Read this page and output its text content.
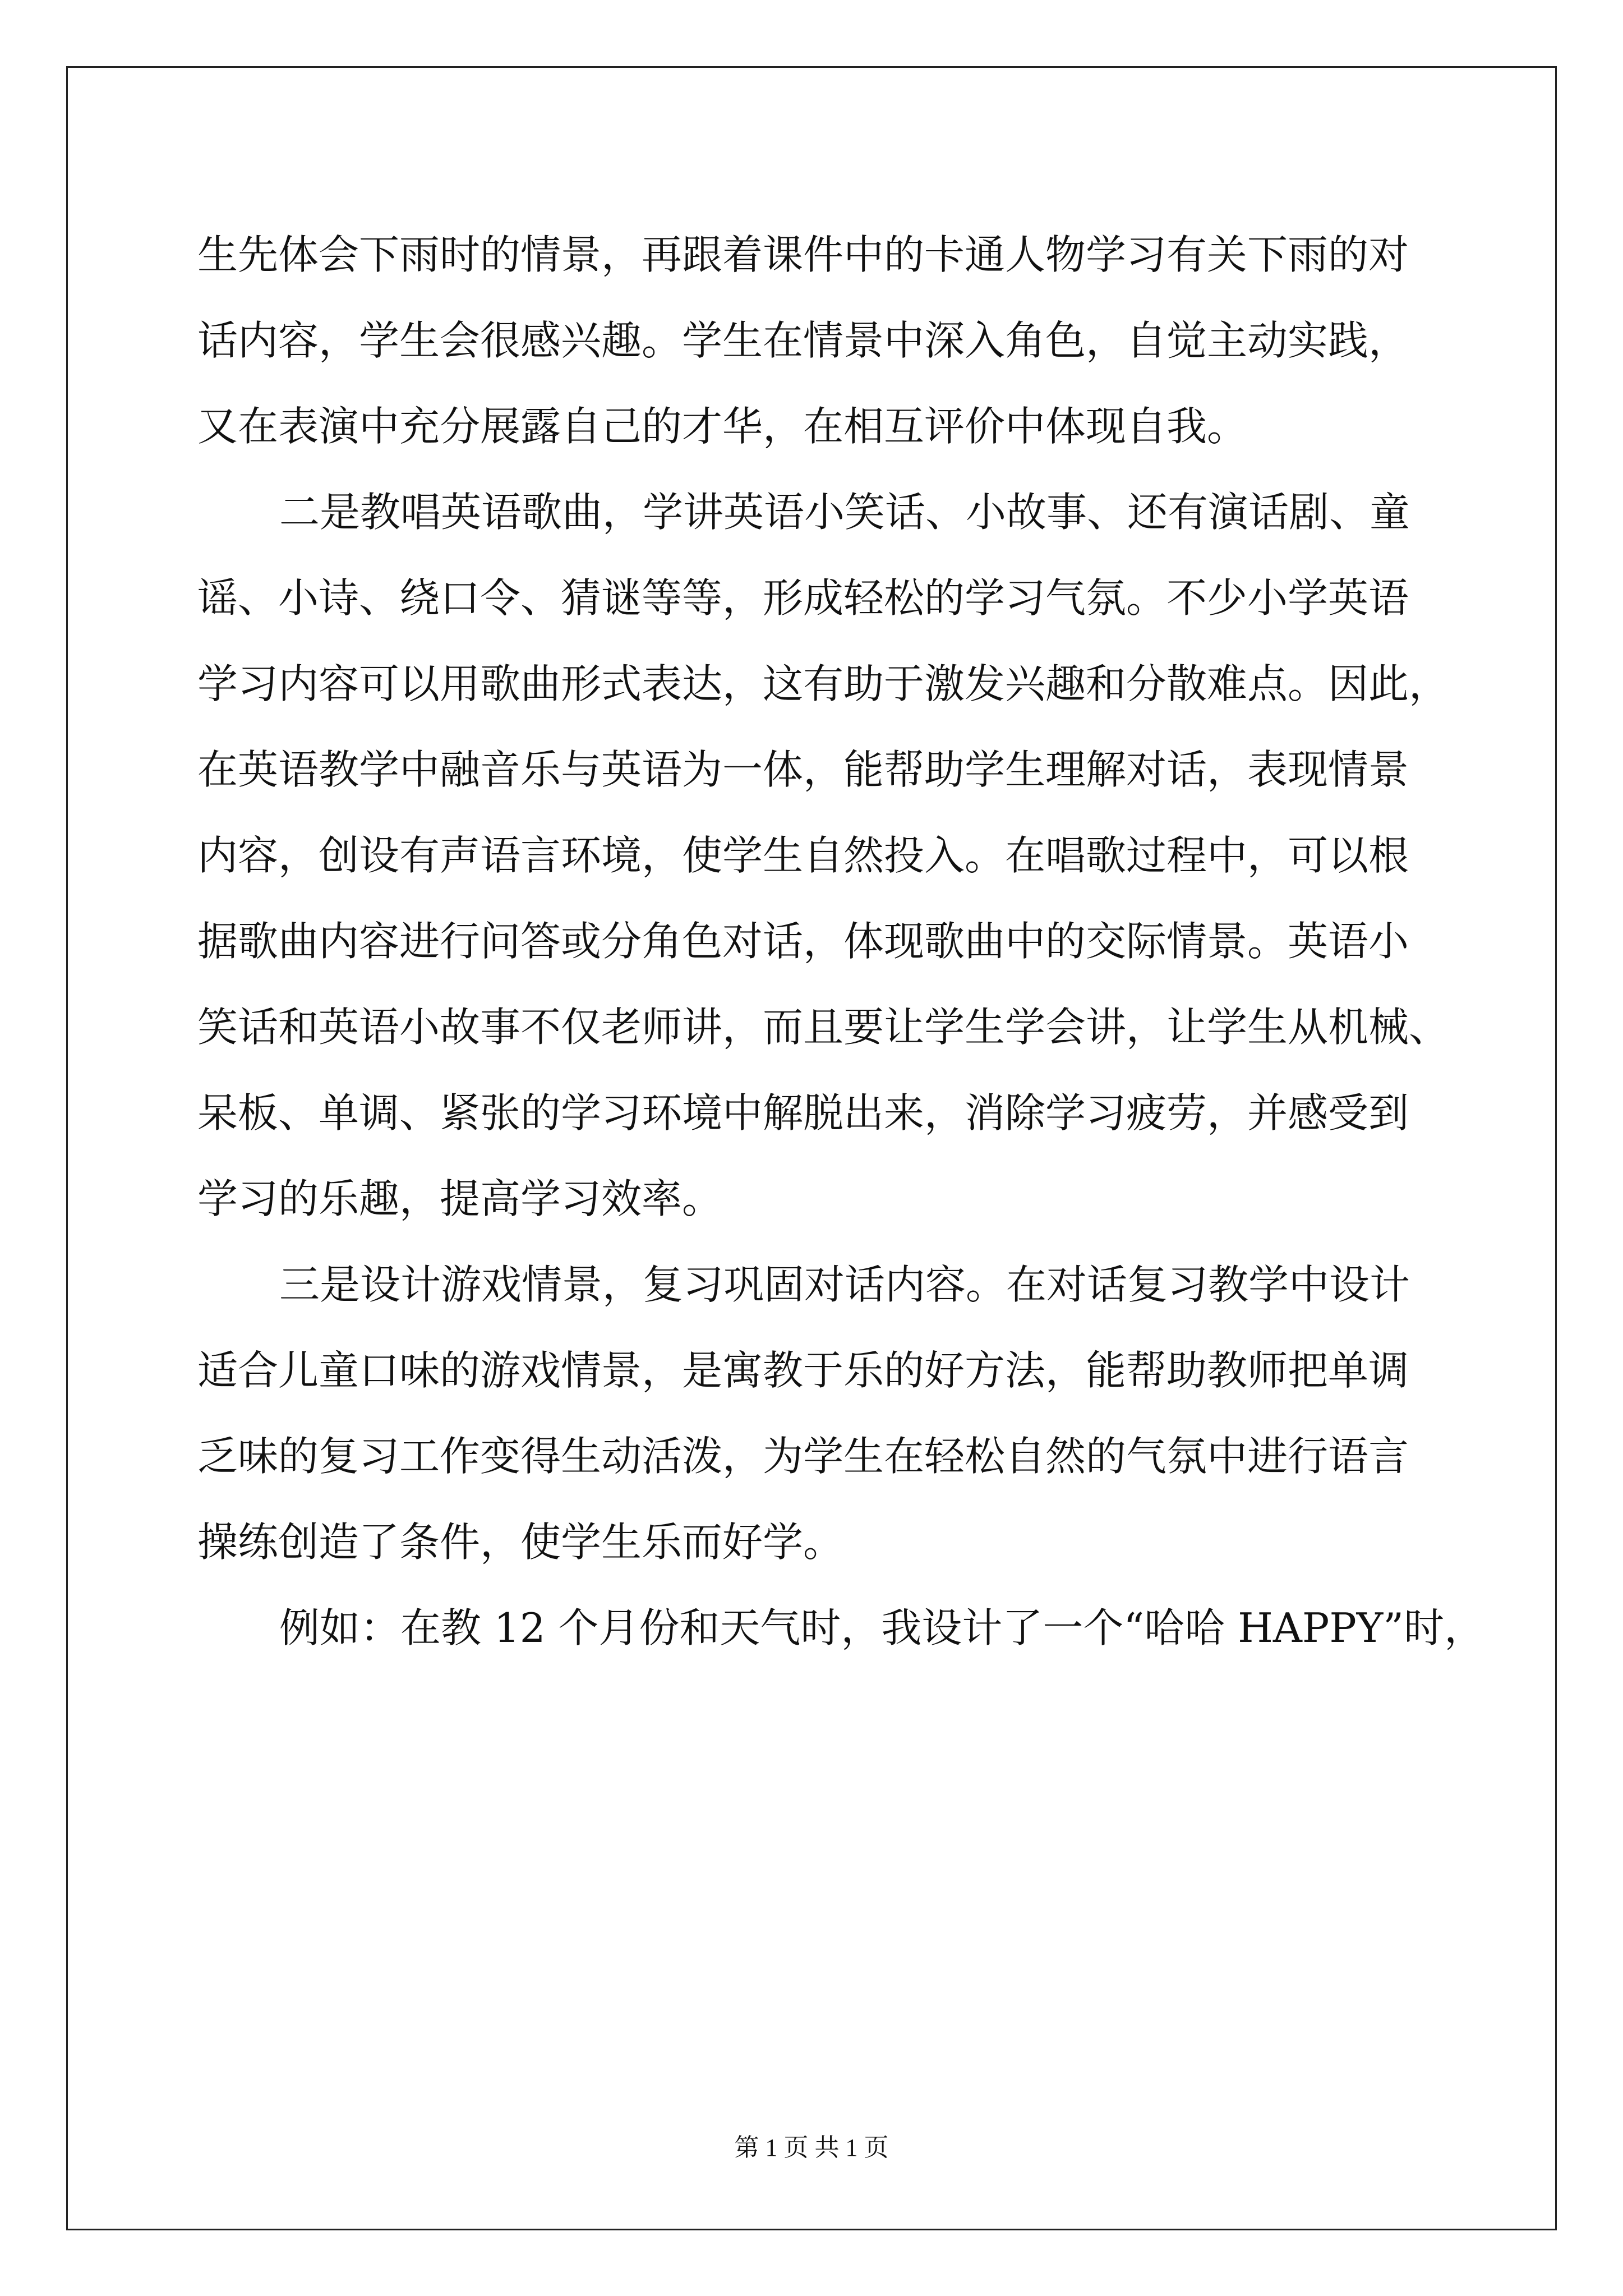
生先体会下雨时的情景，再跟着课件中的卡通人物学习有关下雨的对
话内容，学生会很感兴趣。学生在情景中深入角色，自觉主动实践，
又在表演中充分展露自己的才华，在相互评价中体现自我。
二是教唱英语歌曲，学讲英语小笑话、小故事、还有演话剧、童
谣、小诗、绕口令、猜谜等等，形成轻松的学习气氛。不少小学英语
学习内容可以用歌曲形式表达，这有助于激发兴趣和分散难点。因此，
在英语教学中融音乐与英语为一体，能帮助学生理解对话，表现情景
内容，创设有声语言环境，使学生自然投入。在唱歌过程中，可以根
据歌曲内容进行问答或分角色对话，体现歌曲中的交际情景。英语小
笑话和英语小故事不仅老师讲，而且要让学生学会讲，让学生从机械、
呆板、单调、紧张的学习环境中解脱出来，消除学习疲劳，并感受到
学习的乐趣，提高学习效率。
三是设计游戏情景，复习巩固对话内容。在对话复习教学中设计
适合儿童口味的游戏情景，是寓教于乐的好方法，能帮助教师把单调
乏味的复习工作变得生动活泼，为学生在轻松自然的气氛中进行语言
操练创造了条件，使学生乐而好学。
例如：在教 12 个月份和天气时，我设计了一个“哈哈 HAPPY”时，
第 1 页 共 1 页
